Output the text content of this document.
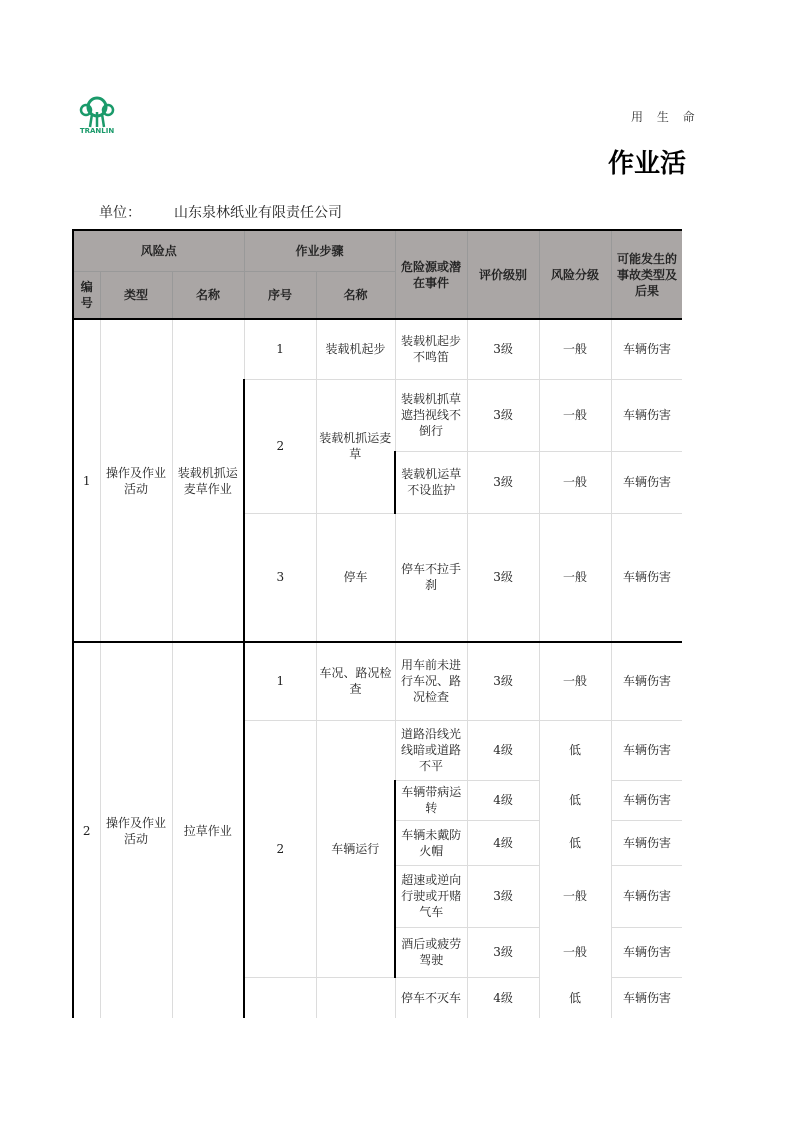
TRANLIN
用 生 命
作业活
单位： 山东泉林纸业有限责任公司
风险点			作业步骤		危险源或潜在事件	评价级别	风险分级	可能发生的事故类型及后果
编号	类型	名称	序号	名称				
1	操作及作业活动	装载机抓运麦草作业	1	装载机起步	装载机起步不鸣笛	3级	一般	车辆伤害
			2	装载机抓运麦草	装载机抓草遮挡视线不倒行	3级	一般	车辆伤害
					装载机运草不设监护	3级	一般	车辆伤害
			3	停车	停车不拉手刹	3级	一般	车辆伤害
2	操作及作业活动	拉草作业	1	车况、路况检查	用车前未进行车况、路况检查	3级	一般	车辆伤害
			2	车辆运行	道路沿线光线暗或道路不平	4级	低	车辆伤害
					车辆带病运转	4级	低	车辆伤害
					车辆未戴防火帽	4级	低	车辆伤害
					超速或逆向行驶或开赌气车	3级	一般	车辆伤害
					酒后或疲劳驾驶	3级	一般	车辆伤害
					停车不灭车	4级	低	车辆伤害
